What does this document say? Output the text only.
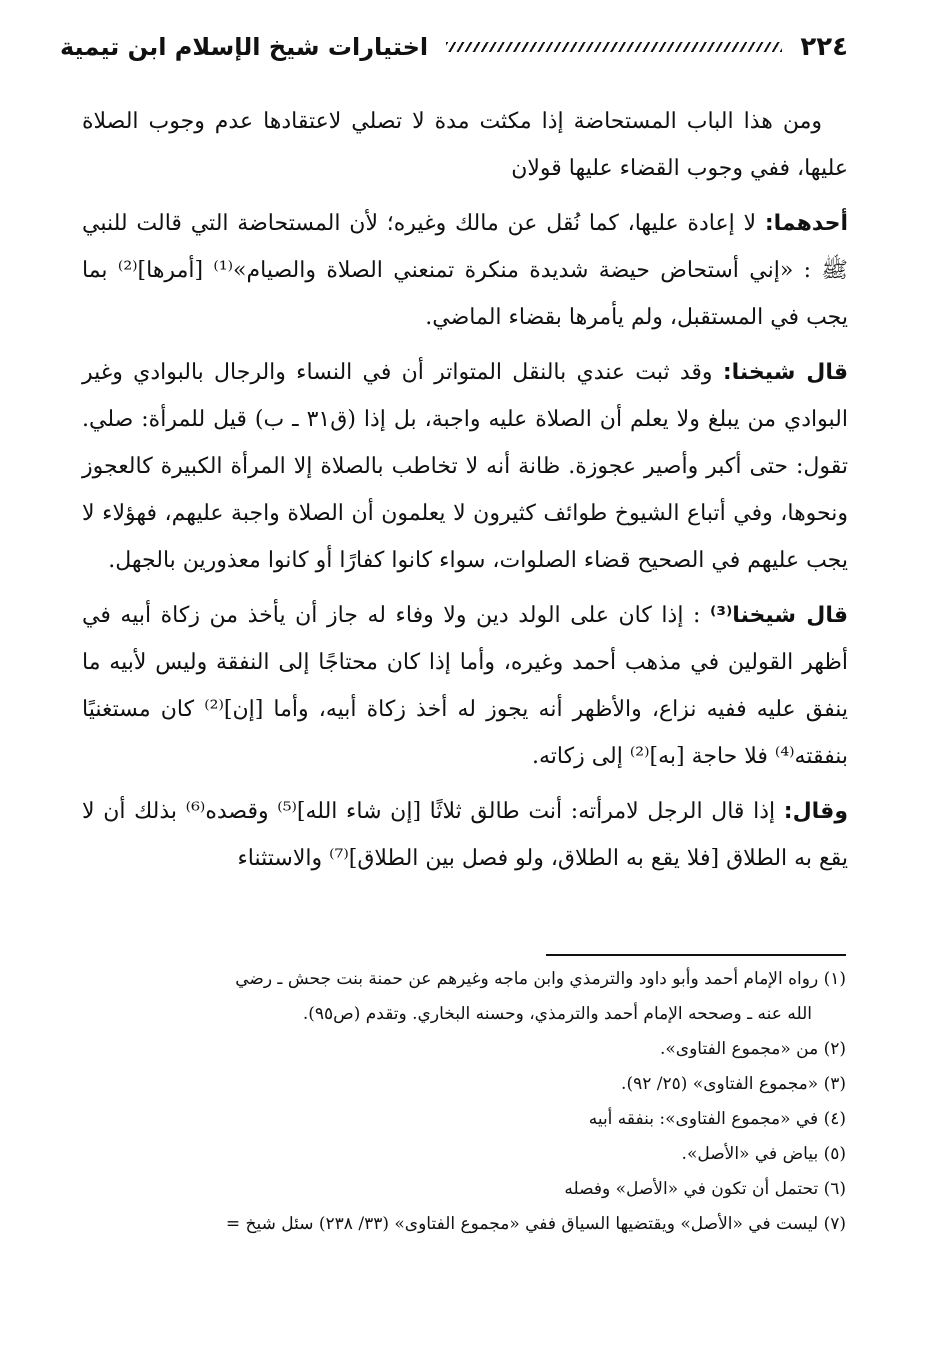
٢٢٤
اختيارات شيخ الإسلام ابن تيمية

ومن هذا الباب المستحاضة إذا مكثت مدة لا تصلي لاعتقادها عدم وجوب الصلاة عليها، ففي وجوب القضاء عليها قولان

أحدهما: لا إعادة عليها، كما نُقل عن مالك وغيره؛ لأن المستحاضة التي قالت للنبي ﷺ : «إني أستحاض حيضة شديدة منكرة تمنعني الصلاة والصيام»⁽¹⁾ [أمرها]⁽²⁾ بما يجب في المستقبل، ولم يأمرها بقضاء الماضي.

قال شيخنا: وقد ثبت عندي بالنقل المتواتر أن في النساء والرجال بالبوادي وغير البوادي من يبلغ ولا يعلم أن الصلاة عليه واجبة، بل إذا (ق٣١ ـ ب) قيل للمرأة: صلي. تقول: حتى أكبر وأصير عجوزة. ظانة أنه لا تخاطب بالصلاة إلا المرأة الكبيرة كالعجوز ونحوها، وفي أتباع الشيوخ طوائف كثيرون لا يعلمون أن الصلاة واجبة عليهم، فهؤلاء لا يجب عليهم في الصحيح قضاء الصلوات، سواء كانوا كفارًا أو كانوا معذورين بالجهل.

قال شيخنا⁽³⁾ : إذا كان على الولد دين ولا وفاء له جاز أن يأخذ من زكاة أبيه في أظهر القولين في مذهب أحمد وغيره، وأما إذا كان محتاجًا إلى النفقة وليس لأبيه ما ينفق عليه ففيه نزاع، والأظهر أنه يجوز له أخذ زكاة أبيه، وأما [إن]⁽²⁾ كان مستغنيًا بنفقته⁽⁴⁾ فلا حاجة [به]⁽²⁾ إلى زكاته.

وقال: إذا قال الرجل لامرأته: أنت طالق ثلاثًا [إن شاء الله]⁽⁵⁾ وقصده⁽⁶⁾ بذلك أن لا يقع به الطلاق [فلا يقع به الطلاق، ولو فصل بين الطلاق]⁽⁷⁾ والاستثناء

(١) رواه الإمام أحمد وأبو داود والترمذي وابن ماجه وغيرهم عن حمنة بنت جحش ـ رضي

الله عنه ـ وصححه الإمام أحمد والترمذي، وحسنه البخاري. وتقدم (ص٩٥).

(٢) من «مجموع الفتاوى».

(٣) «مجموع الفتاوى» (٢٥/ ٩٢).

(٤) في «مجموع الفتاوى»: بنفقه أبيه

(٥) بياض في «الأصل».

(٦) تحتمل أن تكون في «الأصل» وفصله

(٧) ليست في «الأصل» ويقتضيها السياق ففي «مجموع الفتاوى» (٣٣/ ٢٣٨) سئل شيخ =
